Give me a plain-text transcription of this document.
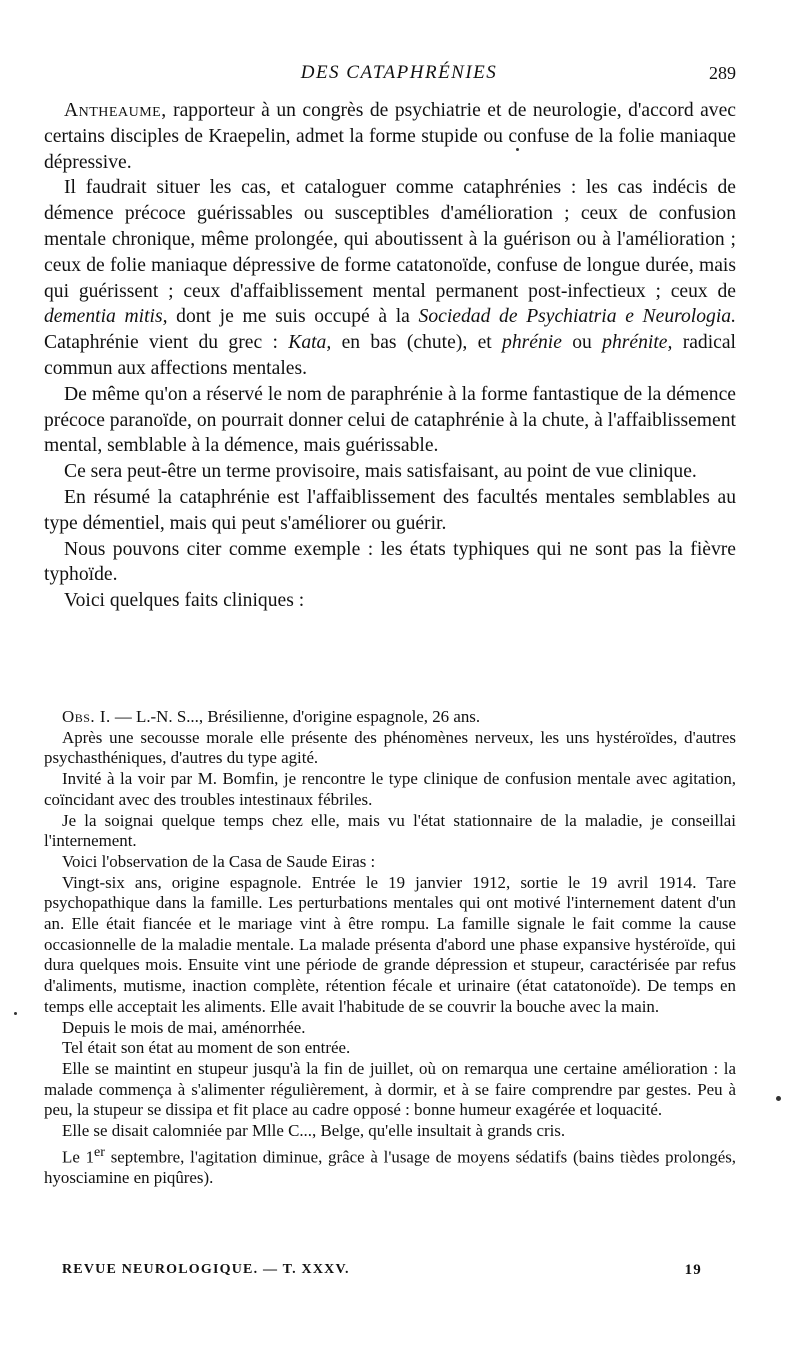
DES CATAPHRÉNIES	289

Antheaume, rapporteur à un congrès de psychiatrie et de neurologie, d'accord avec certains disciples de Kraepelin, admet la forme stupide ou confuse de la folie maniaque dépressive.

Il faudrait situer les cas, et cataloguer comme cataphrénies : les cas indécis de démence précoce guérissables ou susceptibles d'amélioration ; ceux de confusion mentale chronique, même prolongée, qui aboutissent à la guérison ou à l'amélioration ; ceux de folie maniaque dépressive de forme catatonoïde, confuse de longue durée, mais qui guérissent ; ceux d'affaiblissement mental permanent post-infectieux ; ceux de dementia mitis, dont je me suis occupé à la Sociedad de Psychiatria e Neurologia. Cataphrénie vient du grec : Kata, en bas (chute), et phrénie ou phrénite, radical commun aux affections mentales.

De même qu'on a réservé le nom de paraphrénie à la forme fantastique de la démence précoce paranoïde, on pourrait donner celui de cataphrénie à la chute, à l'affaiblissement mental, semblable à la démence, mais guérissable.

Ce sera peut-être un terme provisoire, mais satisfaisant, au point de vue clinique.

En résumé la cataphrénie est l'affaiblissement des facultés mentales semblables au type démentiel, mais qui peut s'améliorer ou guérir.

Nous pouvons citer comme exemple : les états typhiques qui ne sont pas la fièvre typhoïde.

Voici quelques faits cliniques :

Obs. I. — L.-N. S..., Brésilienne, d'origine espagnole, 26 ans.

Après une secousse morale elle présente des phénomènes nerveux, les uns hystéroïdes, d'autres psychasthéniques, d'autres du type agité.

Invité à la voir par M. Bomfin, je rencontre le type clinique de confusion mentale avec agitation, coïncidant avec des troubles intestinaux fébriles.

Je la soignai quelque temps chez elle, mais vu l'état stationnaire de la maladie, je conseillai l'internement.

Voici l'observation de la Casa de Saude Eiras :

Vingt-six ans, origine espagnole. Entrée le 19 janvier 1912, sortie le 19 avril 1914. Tare psychopathique dans la famille. Les perturbations mentales qui ont motivé l'internement datent d'un an. Elle était fiancée et le mariage vint à être rompu. La famille signale le fait comme la cause occasionnelle de la maladie mentale. La malade présenta d'abord une phase expansive hystéroïde, qui dura quelques mois. Ensuite vint une période de grande dépression et stupeur, caractérisée par refus d'aliments, mutisme, inaction complète, rétention fécale et urinaire (état catatonoïde). De temps en temps elle acceptait les aliments. Elle avait l'habitude de se couvrir la bouche avec la main.

Depuis le mois de mai, aménorrhée.

Tel était son état au moment de son entrée.

Elle se maintint en stupeur jusqu'à la fin de juillet, où on remarqua une certaine amélioration : la malade commença à s'alimenter régulièrement, à dormir, et à se faire comprendre par gestes. Peu à peu, la stupeur se dissipa et fit place au cadre opposé : bonne humeur exagérée et loquacité.

Elle se disait calomniée par Mlle C..., Belge, qu'elle insultait à grands cris.

Le 1er septembre, l'agitation diminue, grâce à l'usage de moyens sédatifs (bains tièdes prolongés, hyosciamine en piqûres).

REVUE NEUROLOGIQUE. — T. XXXV.	19
